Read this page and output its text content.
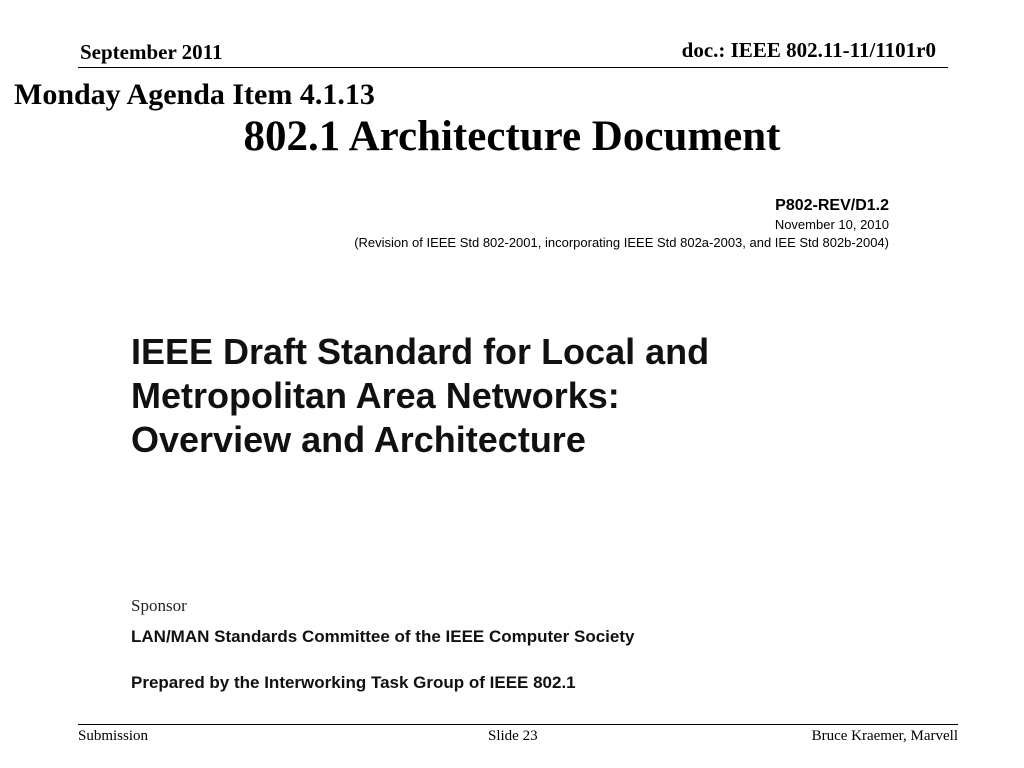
September 2011	doc.: IEEE 802.11-11/1101r0
Monday Agenda Item 4.1.13
802.1 Architecture Document
P802-REV/D1.2
November 10, 2010
(Revision of IEEE Std 802-2001, incorporating IEEE Std 802a-2003, and IEE Std 802b-2004)
IEEE Draft Standard for Local and
Metropolitan Area Networks:
Overview and Architecture
Sponsor
LAN/MAN Standards Committee of the IEEE Computer Society
Prepared by the Interworking Task Group of IEEE 802.1
Submission	Slide 23	Bruce Kraemer, Marvell
